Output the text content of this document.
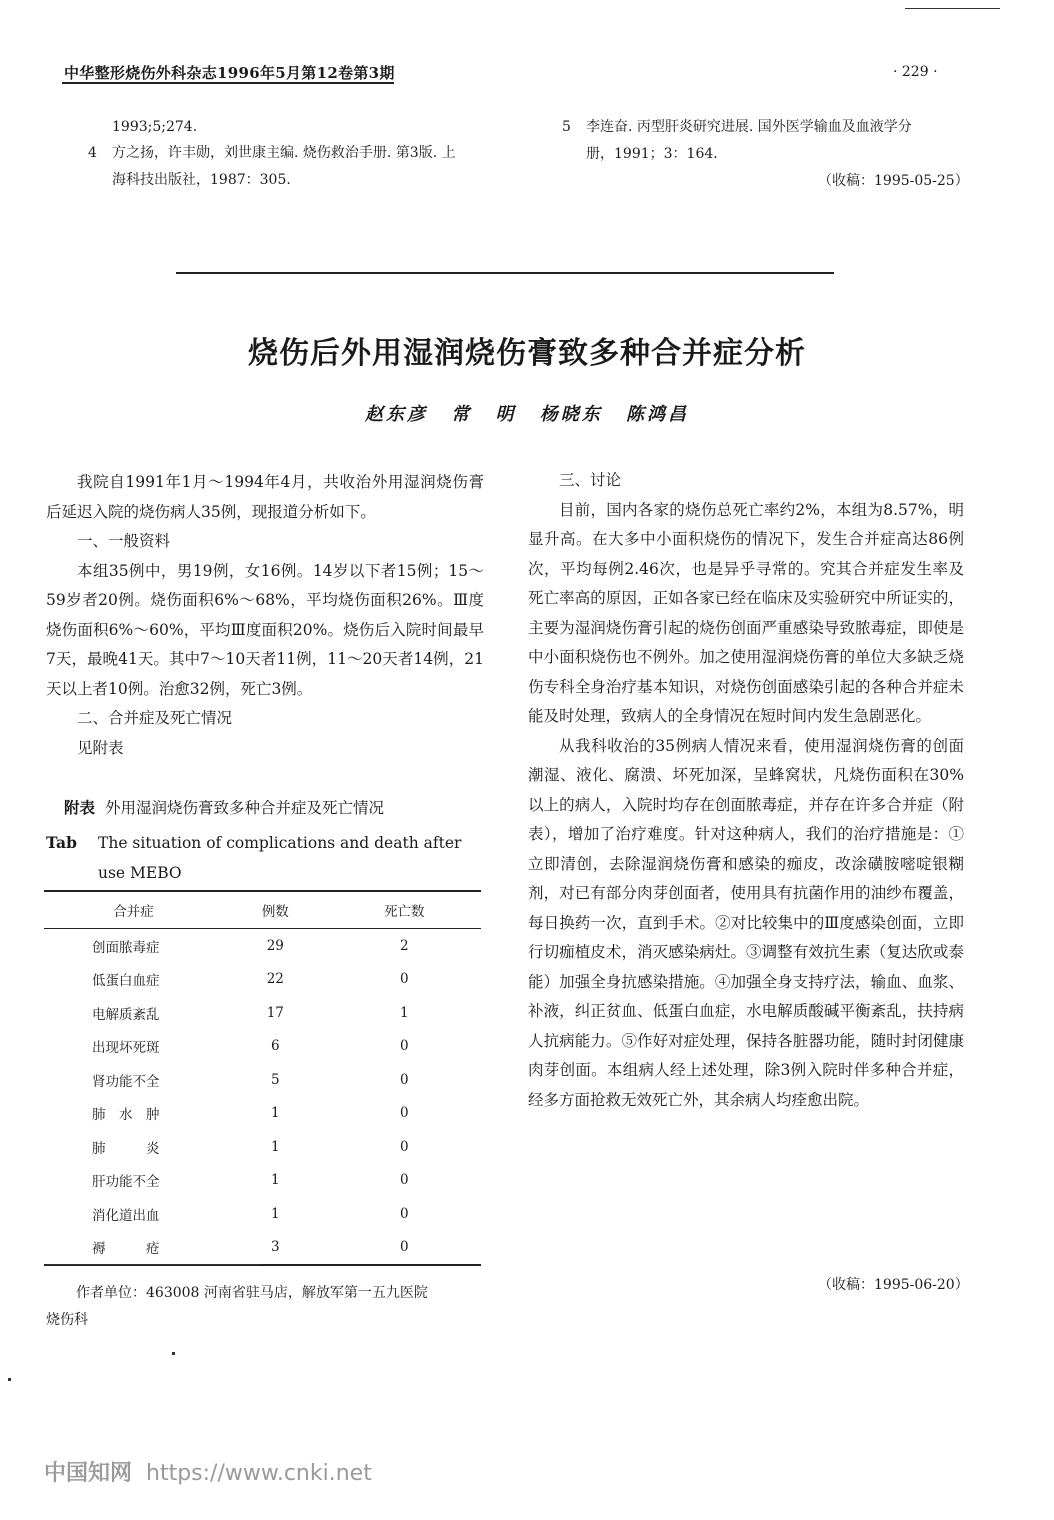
中华整形烧伤外科杂志1996年5月第12卷第3期	· 229 ·
1993;5;274.
4 方之扬，许丰勋，刘世康主编. 烧伤救治手册. 第3版. 上
海科技出版社，1987：305.
5 李连奋. 丙型肝炎研究进展. 国外医学输血及血液学分
册，1991；3：164.
（收稿：1995-05-25）
烧伤后外用湿润烧伤膏致多种合并症分析
赵东彦 常 明 杨晓东 陈鸿昌

我院自1991年1月～1994年4月，共收治外用湿润烧伤膏后延迟入院的烧伤病人35例，现报道分析如下。

一、一般资料

本组35例中，男19例，女16例。14岁以下者15例；15～59岁者20例。烧伤面积6%～68%，平均烧伤面积26%。Ⅲ度烧伤面积6%～60%，平均Ⅲ度面积20%。烧伤后入院时间最早7天，最晚41天。其中7～10天者11例，11～20天者14例，21天以上者10例。治愈32例，死亡3例。

二、合并症及死亡情况

见附表

附表 外用湿润烧伤膏致多种合并症及死亡情况
Tab The situation of complications and death after
use MEBO
合并症	例数	死亡数
创面脓毒症	29	2
低蛋白血症	22	0
电解质紊乱	17	1
出现坏死斑	6	0
肾功能不全	5	0
肺　水　肿	1	0
肺　　　炎	1	0
肝功能不全	1	0
消化道出血	1	0
褥　　　疮	3	0
作者单位：463008 河南省驻马店，解放军第一五九医院
烧伤科

三、讨论

目前，国内各家的烧伤总死亡率约2%，本组为8.57%，明显升高。在大多中小面积烧伤的情况下，发生合并症高达86例次，平均每例2.46次，也是异乎寻常的。究其合并症发生率及死亡率高的原因，正如各家已经在临床及实验研究中所证实的，主要为湿润烧伤膏引起的烧伤创面严重感染导致脓毒症，即使是中小面积烧伤也不例外。加之使用湿润烧伤膏的单位大多缺乏烧伤专科全身治疗基本知识，对烧伤创面感染引起的各种合并症未能及时处理，致病人的全身情况在短时间内发生急剧恶化。

从我科收治的35例病人情况来看，使用湿润烧伤膏的创面潮湿、液化、腐溃、坏死加深，呈蜂窝状，凡烧伤面积在30%以上的病人，入院时均存在创面脓毒症，并存在许多合并症（附表），增加了治疗难度。针对这种病人，我们的治疗措施是：①立即清创，去除湿润烧伤膏和感染的痂皮，改涂磺胺嘧啶银糊剂，对已有部分肉芽创面者，使用具有抗菌作用的油纱布覆盖，每日换药一次，直到手术。②对比较集中的Ⅲ度感染创面，立即行切痂植皮术，消灭感染病灶。③调整有效抗生素（复达欣或泰能）加强全身抗感染措施。④加强全身支持疗法，输血、血浆、补液，纠正贫血、低蛋白血症，水电解质酸碱平衡紊乱，扶持病人抗病能力。⑤作好对症处理，保持各脏器功能，随时封闭健康肉芽创面。本组病人经上述处理，除3例入院时伴多种合并症，经多方面抢救无效死亡外，其余病人均痊愈出院。

（收稿：1995-06-20）
中国知网 https://www.cnki.net
